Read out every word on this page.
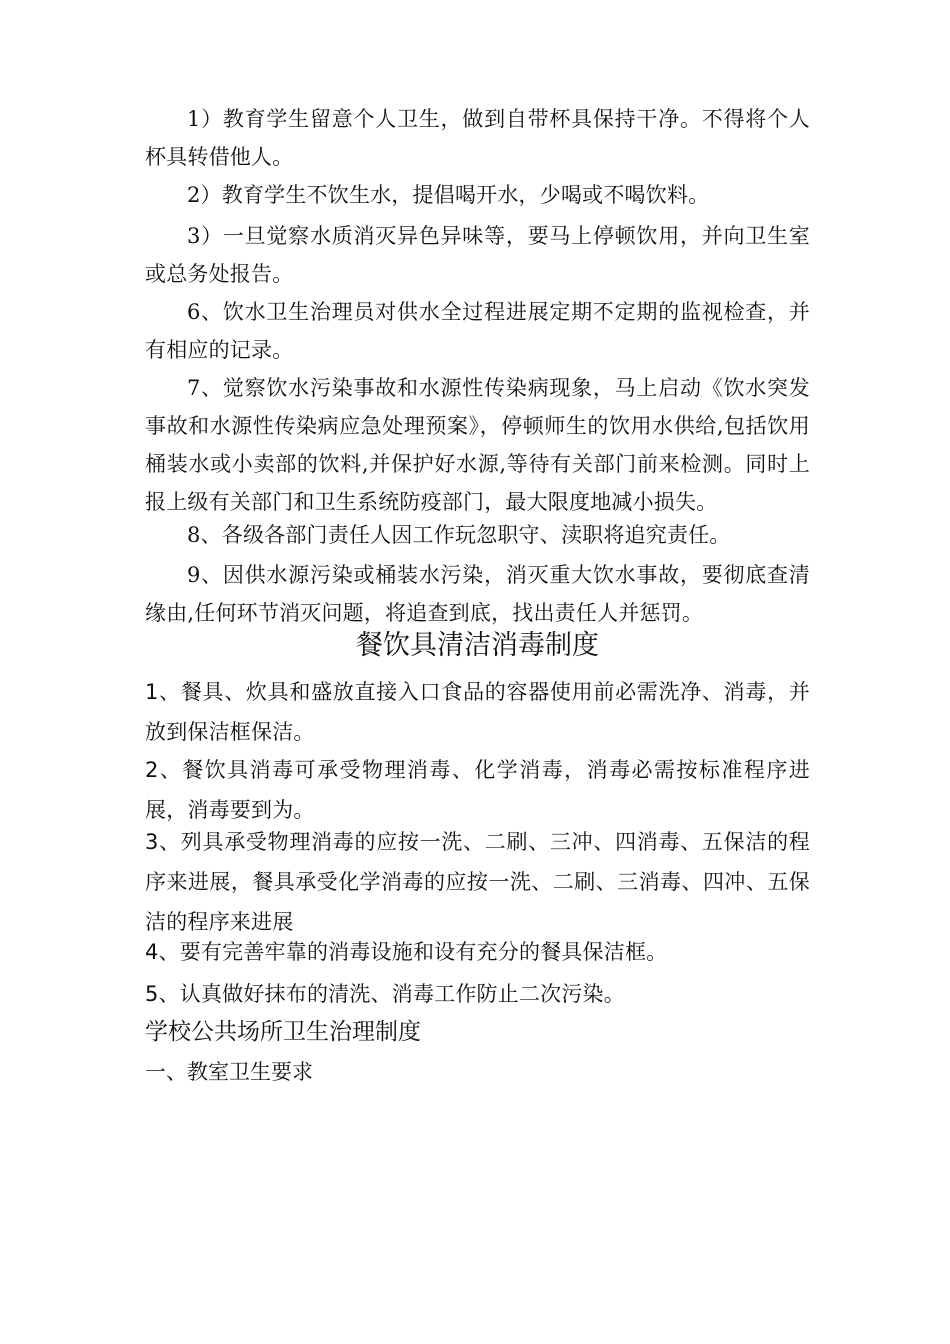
1）教育学生留意个人卫生，做到自带杯具保持干净。不得将个人杯具转借他人。

2）教育学生不饮生水，提倡喝开水，少喝或不喝饮料。

3）一旦觉察水质消灭异色异味等，要马上停顿饮用，并向卫生室或总务处报告。

6、饮水卫生治理员对供水全过程进展定期不定期的监视检查，并有相应的记录。

7、觉察饮水污染事故和水源性传染病现象，马上启动《饮水突发事故和水源性传染病应急处理预案》，停顿师生的饮用水供给,包括饮用桶装水或小卖部的饮料,并保护好水源,等待有关部门前来检测。同时上报上级有关部门和卫生系统防疫部门，最大限度地减小损失。

8、各级各部门责任人因工作玩忽职守、渎职将追究责任。

9、因供水源污染或桶装水污染，消灭重大饮水事故，要彻底查清缘由,任何环节消灭问题，将追查到底，找出责任人并惩罚。

餐饮具清洁消毒制度

1、餐具、炊具和盛放直接入口食品的容器使用前必需洗净、消毒，并放到保洁框保洁。

2、餐饮具消毒可承受物理消毒、化学消毒，消毒必需按标准程序进展，消毒要到为。

3、列具承受物理消毒的应按一洗、二刷、三冲、四消毒、五保洁的程序来进展，餐具承受化学消毒的应按一洗、二刷、三消毒、四冲、五保洁的程序来进展

4、要有完善牢靠的消毒设施和设有充分的餐具保洁框。

5、认真做好抹布的清洗、消毒工作防止二次污染。

学校公共场所卫生治理制度

一、教室卫生要求
